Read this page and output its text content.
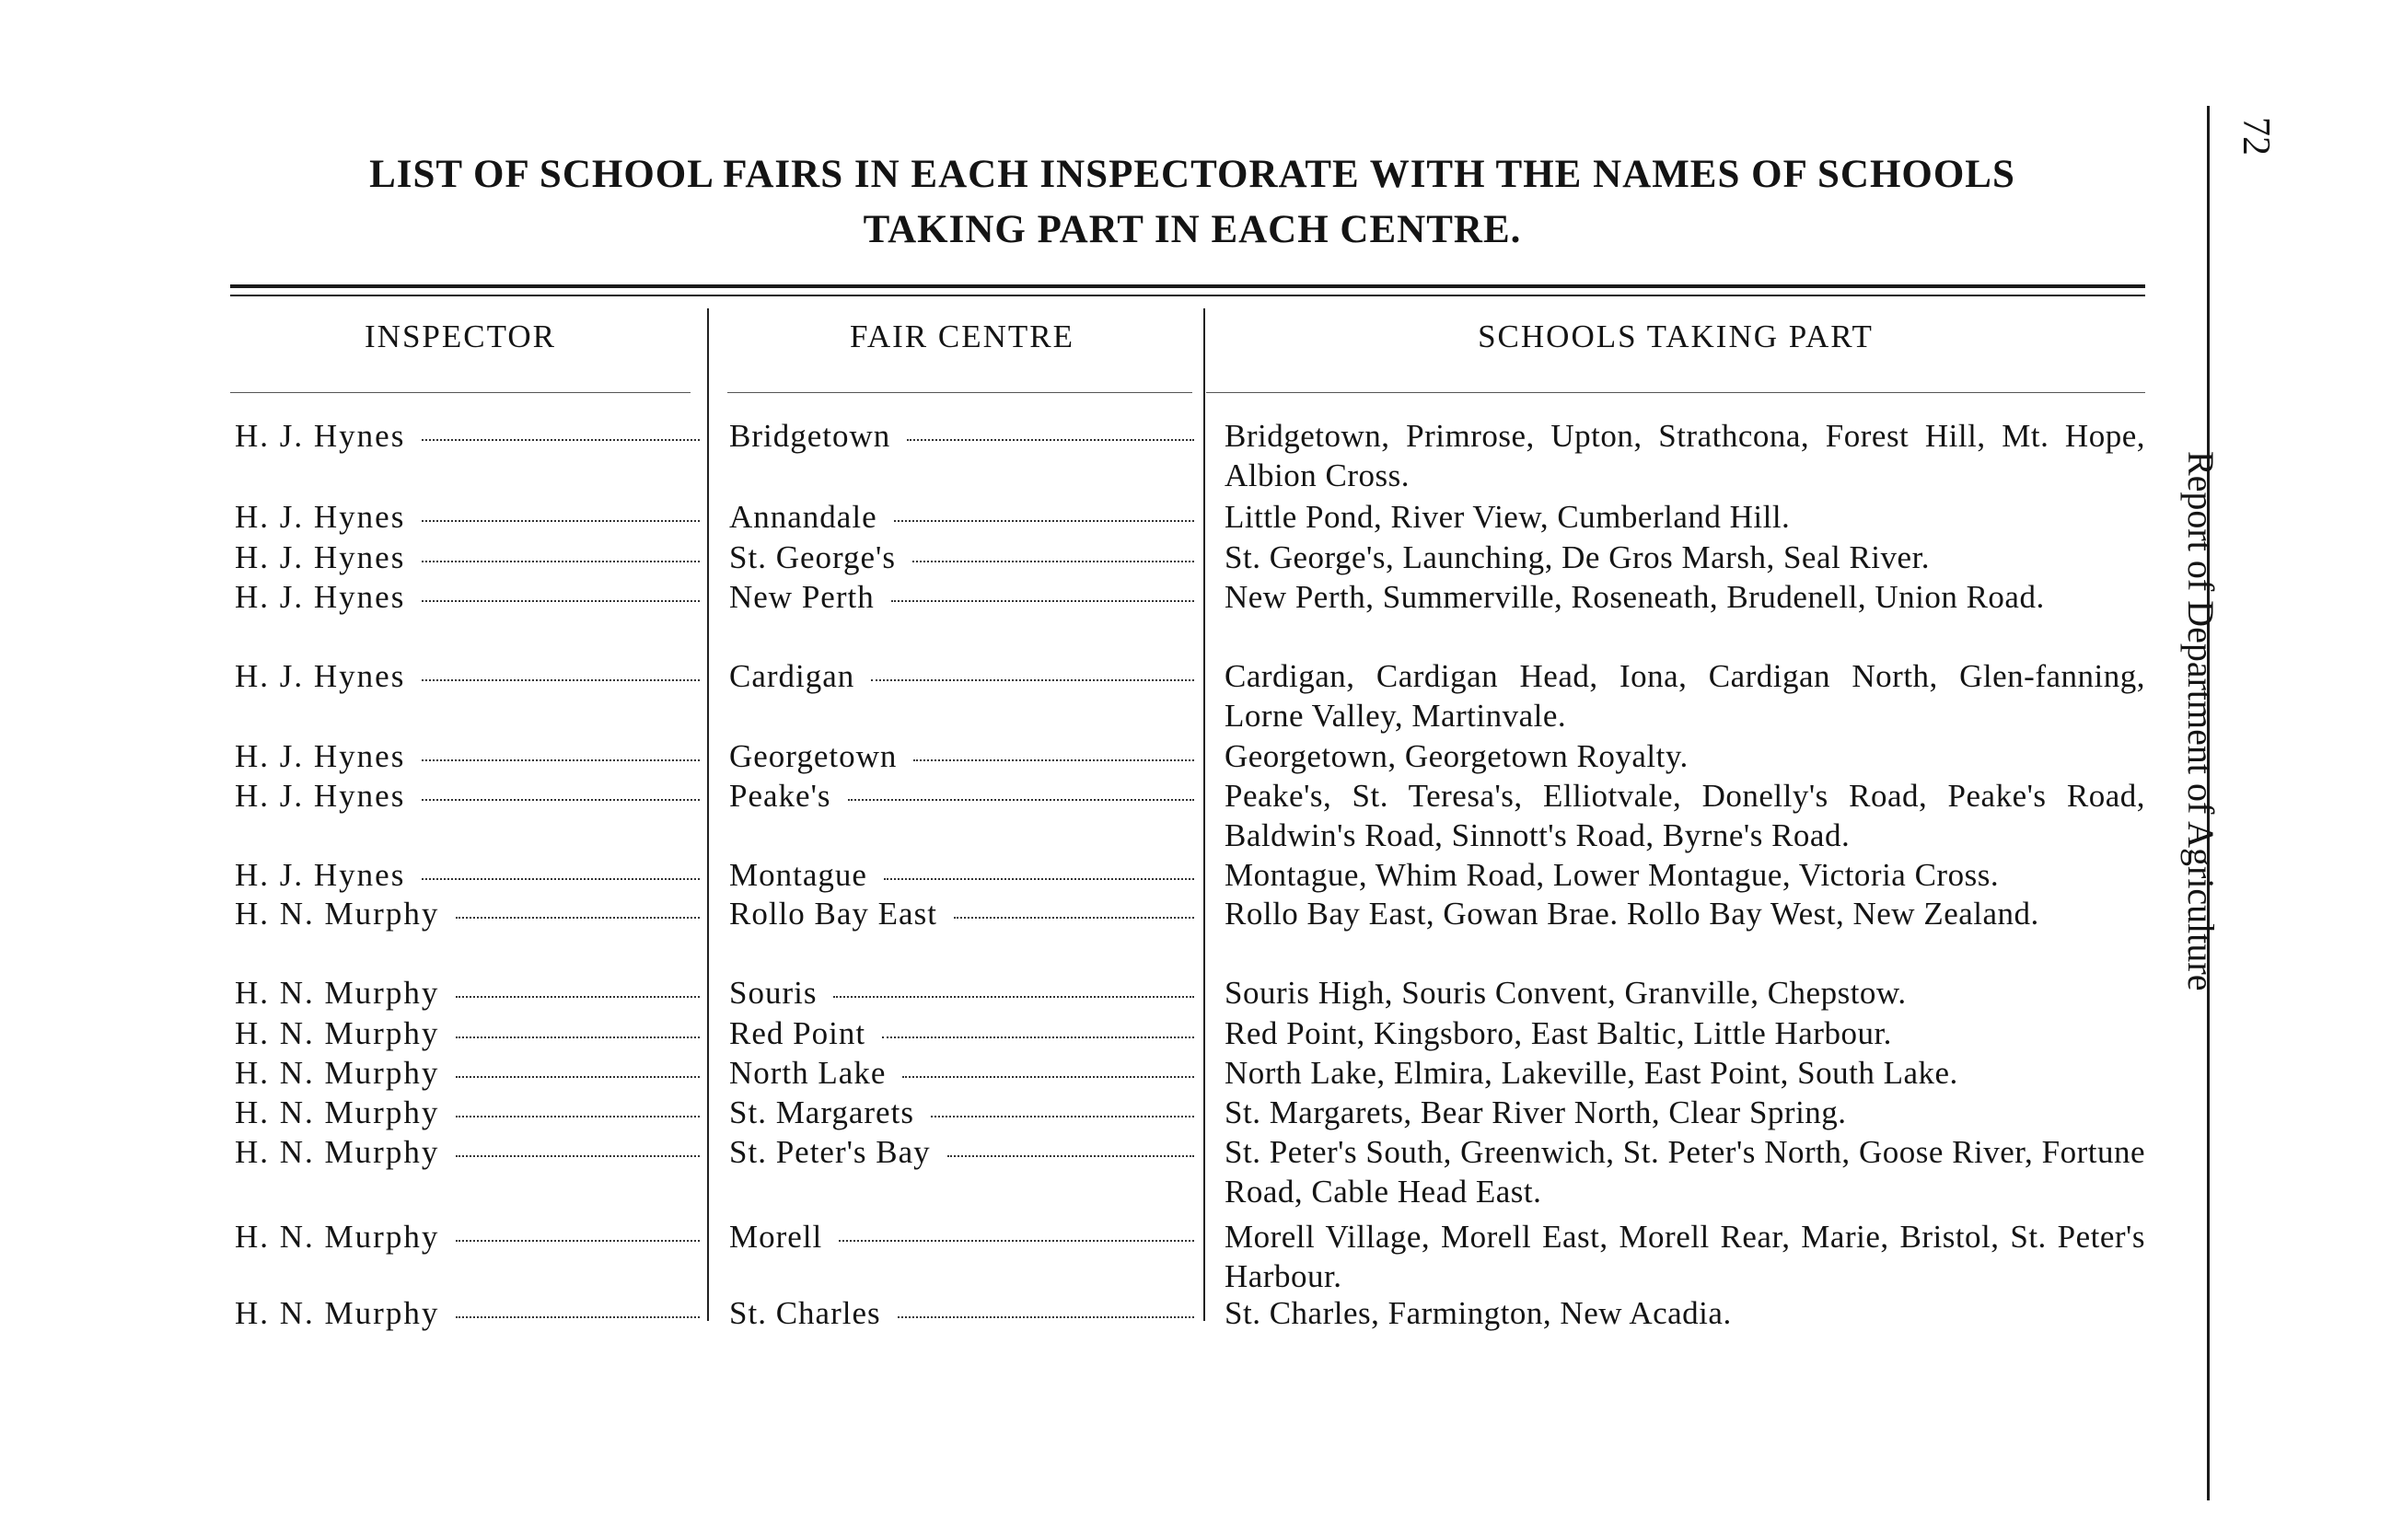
LIST OF SCHOOL FAIRS IN EACH INSPECTORATE WITH THE NAMES OF SCHOOLS
TAKING PART IN EACH CENTRE.
INSPECTOR	FAIR CENTRE	SCHOOLS TAKING PART
H. J. Hynes	Bridgetown	Bridgetown, Primrose, Upton, Strathcona, Forest Hill, Mt. Hope, Albion Cross.
H. J. Hynes	Annandale	Little Pond, River View, Cumberland Hill.
H. J. Hynes	St. George's	St. George's, Launching, De Gros Marsh, Seal River.
H. J. Hynes	New Perth	New Perth, Summerville, Roseneath, Brudenell, Union Road.
H. J. Hynes	Cardigan	Cardigan, Cardigan Head, Iona, Cardigan North, Glen-fanning, Lorne Valley, Martinvale.
H. J. Hynes	Georgetown	Georgetown, Georgetown Royalty.
H. J. Hynes	Peake's	Peake's, St. Teresa's, Elliotvale, Donelly's Road, Peake's Road, Baldwin's Road, Sinnott's Road, Byrne's Road.
H. J. Hynes	Montague	Montague, Whim Road, Lower Montague, Victoria Cross.
H. N. Murphy	Rollo Bay East	Rollo Bay East, Gowan Brae. Rollo Bay West, New Zealand.
H. N. Murphy	Souris	Souris High, Souris Convent, Granville, Chepstow.
H. N. Murphy	Red Point	Red Point, Kingsboro, East Baltic, Little Harbour.
H. N. Murphy	North Lake	North Lake, Elmira, Lakeville, East Point, South Lake.
H. N. Murphy	St. Margarets	St. Margarets, Bear River North, Clear Spring.
H. N. Murphy	St. Peter's Bay	St. Peter's South, Greenwich, St. Peter's North, Goose River, Fortune Road, Cable Head East.
H. N. Murphy	Morell	Morell Village, Morell East, Morell Rear, Marie, Bristol, St. Peter's Harbour.
H. N. Murphy	St. Charles	St. Charles, Farmington, New Acadia.
72
Report of Department of Agriculture
